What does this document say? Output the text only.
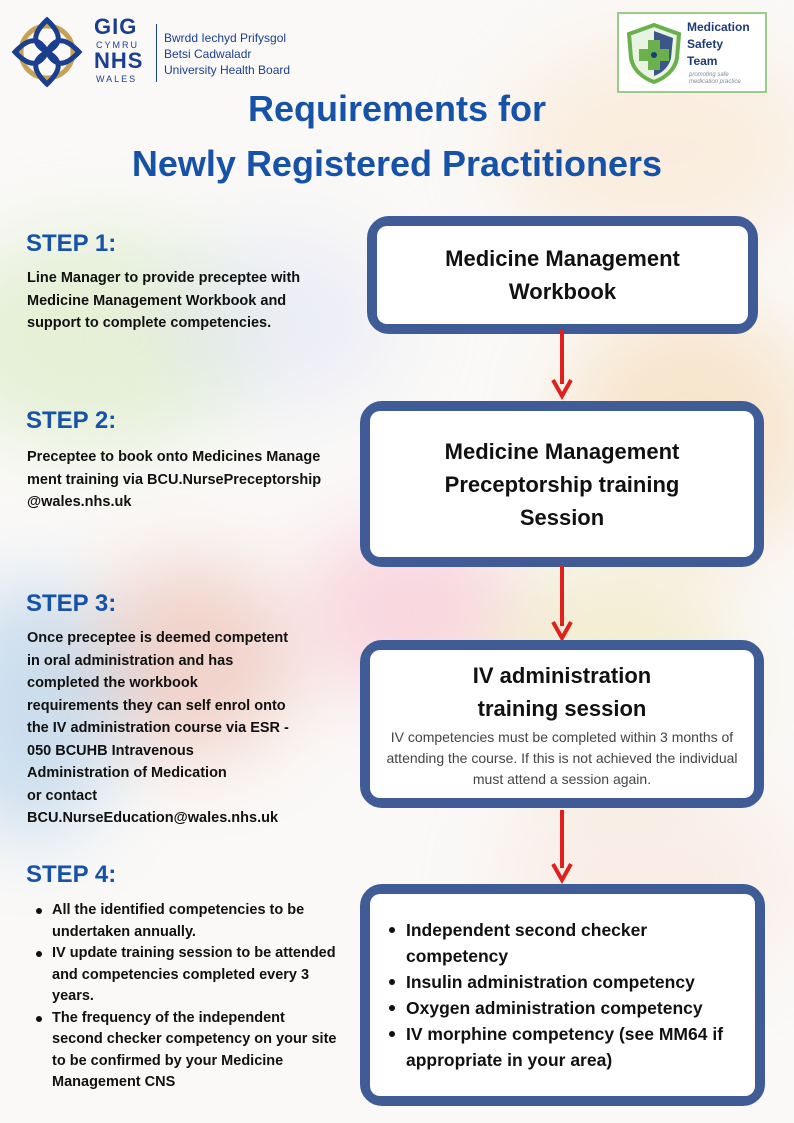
GIG
CYMRU
NHS
WALES
Bwrdd Iechyd Prifysgol
Betsi Cadwaladr
University Health Board
Medication
Safety
Team
promoting safe medication practice
Requirements for
Newly Registered Practitioners
STEP 1:
Line Manager to provide preceptee with Medicine Management Workbook and support to complete competencies.
STEP 2:
Preceptee to book onto Medicines Management training via BCU.NursePreceptorship@wales.nhs.uk
STEP 3:
Once preceptee is deemed competent
in oral administration and has
completed the workbook
requirements they can self enrol onto
the IV administration course via ESR -
050 BCUHB Intravenous
Administration of Medication
or contact
BCU.NurseEducation@wales.nhs.uk
STEP 4:
All the identified competencies to be undertaken annually.
IV update training session to be attended and competencies completed every 3 years.
The frequency of the independent second checker competency on your site to be confirmed by your Medicine Management CNS
Medicine Management
Workbook
Medicine Management
Preceptorship training
Session
IV administration
training session
IV competencies must be completed within 3 months of attending the course. If this is not achieved the individual must attend a session again.
Independent second checker competency
Insulin administration competency
Oxygen administration competency
IV morphine competency (see MM64 if appropriate in your area)
